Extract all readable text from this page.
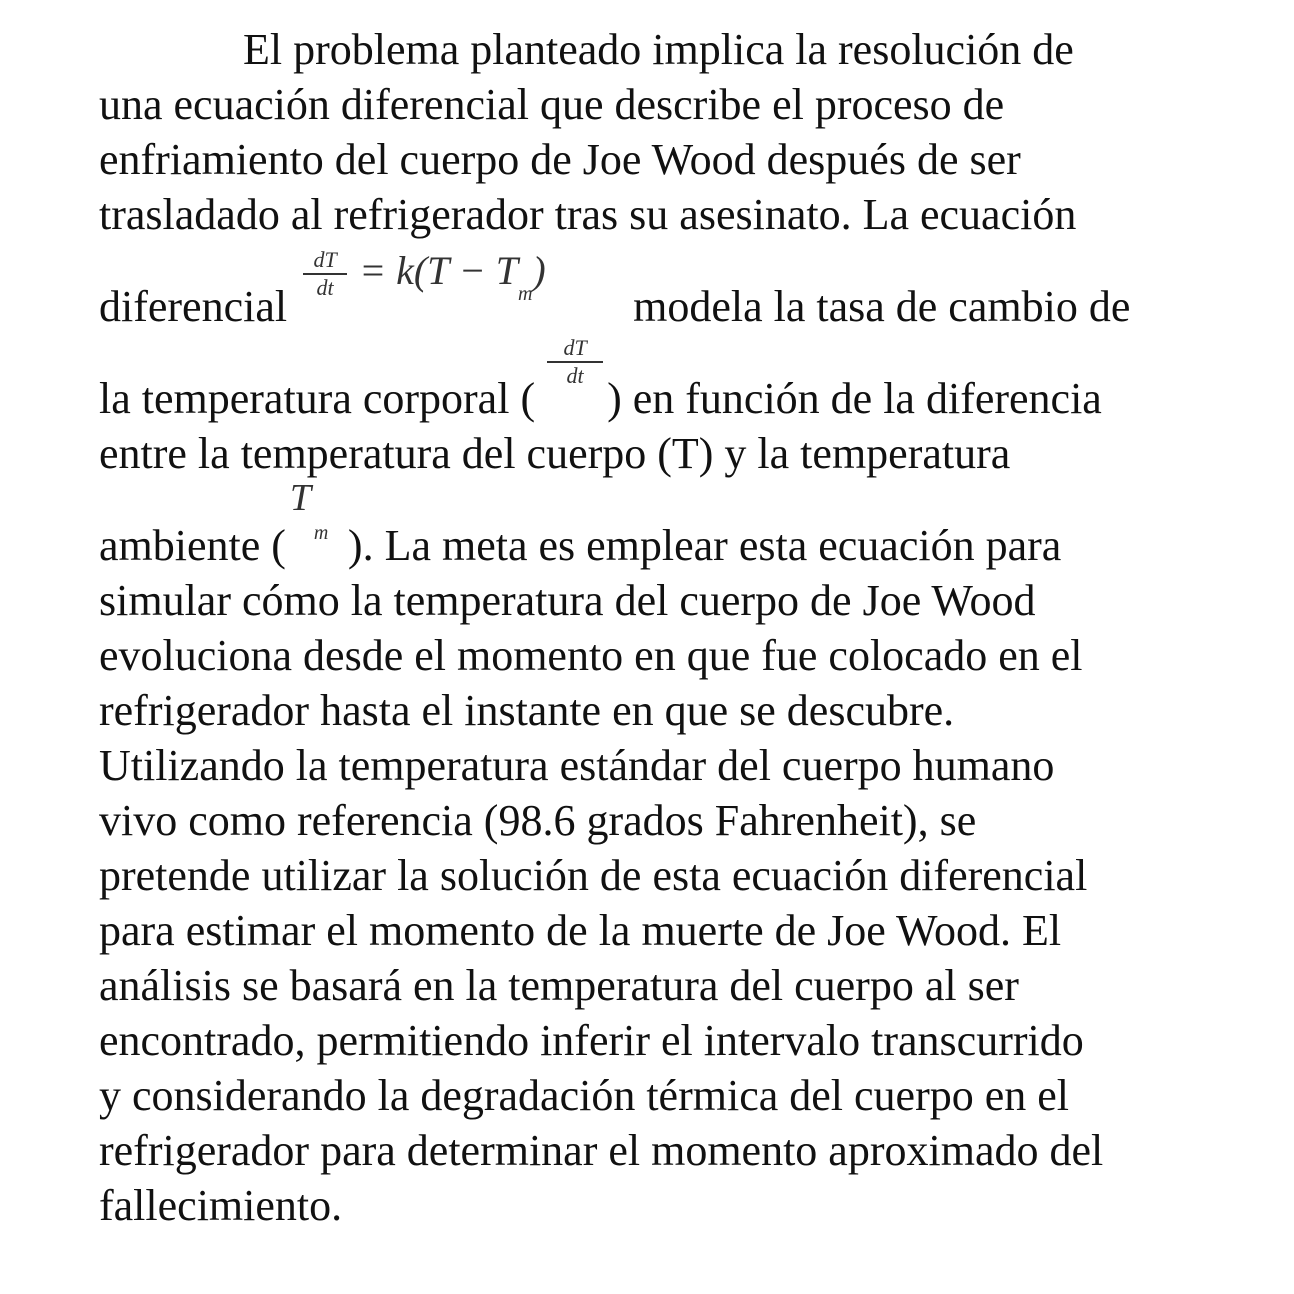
El problema planteado implica la resolución de
una ecuación diferencial que describe el proceso de
enfriamiento del cuerpo de Joe Wood después de ser
trasladado al refrigerador tras su asesinato. La ecuación
diferencial
dT
dt = $k(T - T_m)$
modela la tasa de cambio de
la temperatura corporal (
dT
dt ) en función de la diferencia
entre la temperatura del cuerpo (T) y la temperatura
ambiente (
T
m ). La meta es emplear esta ecuación para
simular cómo la temperatura del cuerpo de Joe Wood
evoluciona desde el momento en que fue colocado en el
refrigerador hasta el instante en que se descubre.
Utilizando la temperatura estándar del cuerpo humano
vivo como referencia (98.6 grados Fahrenheit), se
pretende utilizar la solución de esta ecuación diferencial
para estimar el momento de la muerte de Joe Wood. El
análisis se basará en la temperatura del cuerpo al ser
encontrado, permitiendo inferir el intervalo transcurrido
y considerando la degradación térmica del cuerpo en el
refrigerador para determinar el momento aproximado del
fallecimiento.
